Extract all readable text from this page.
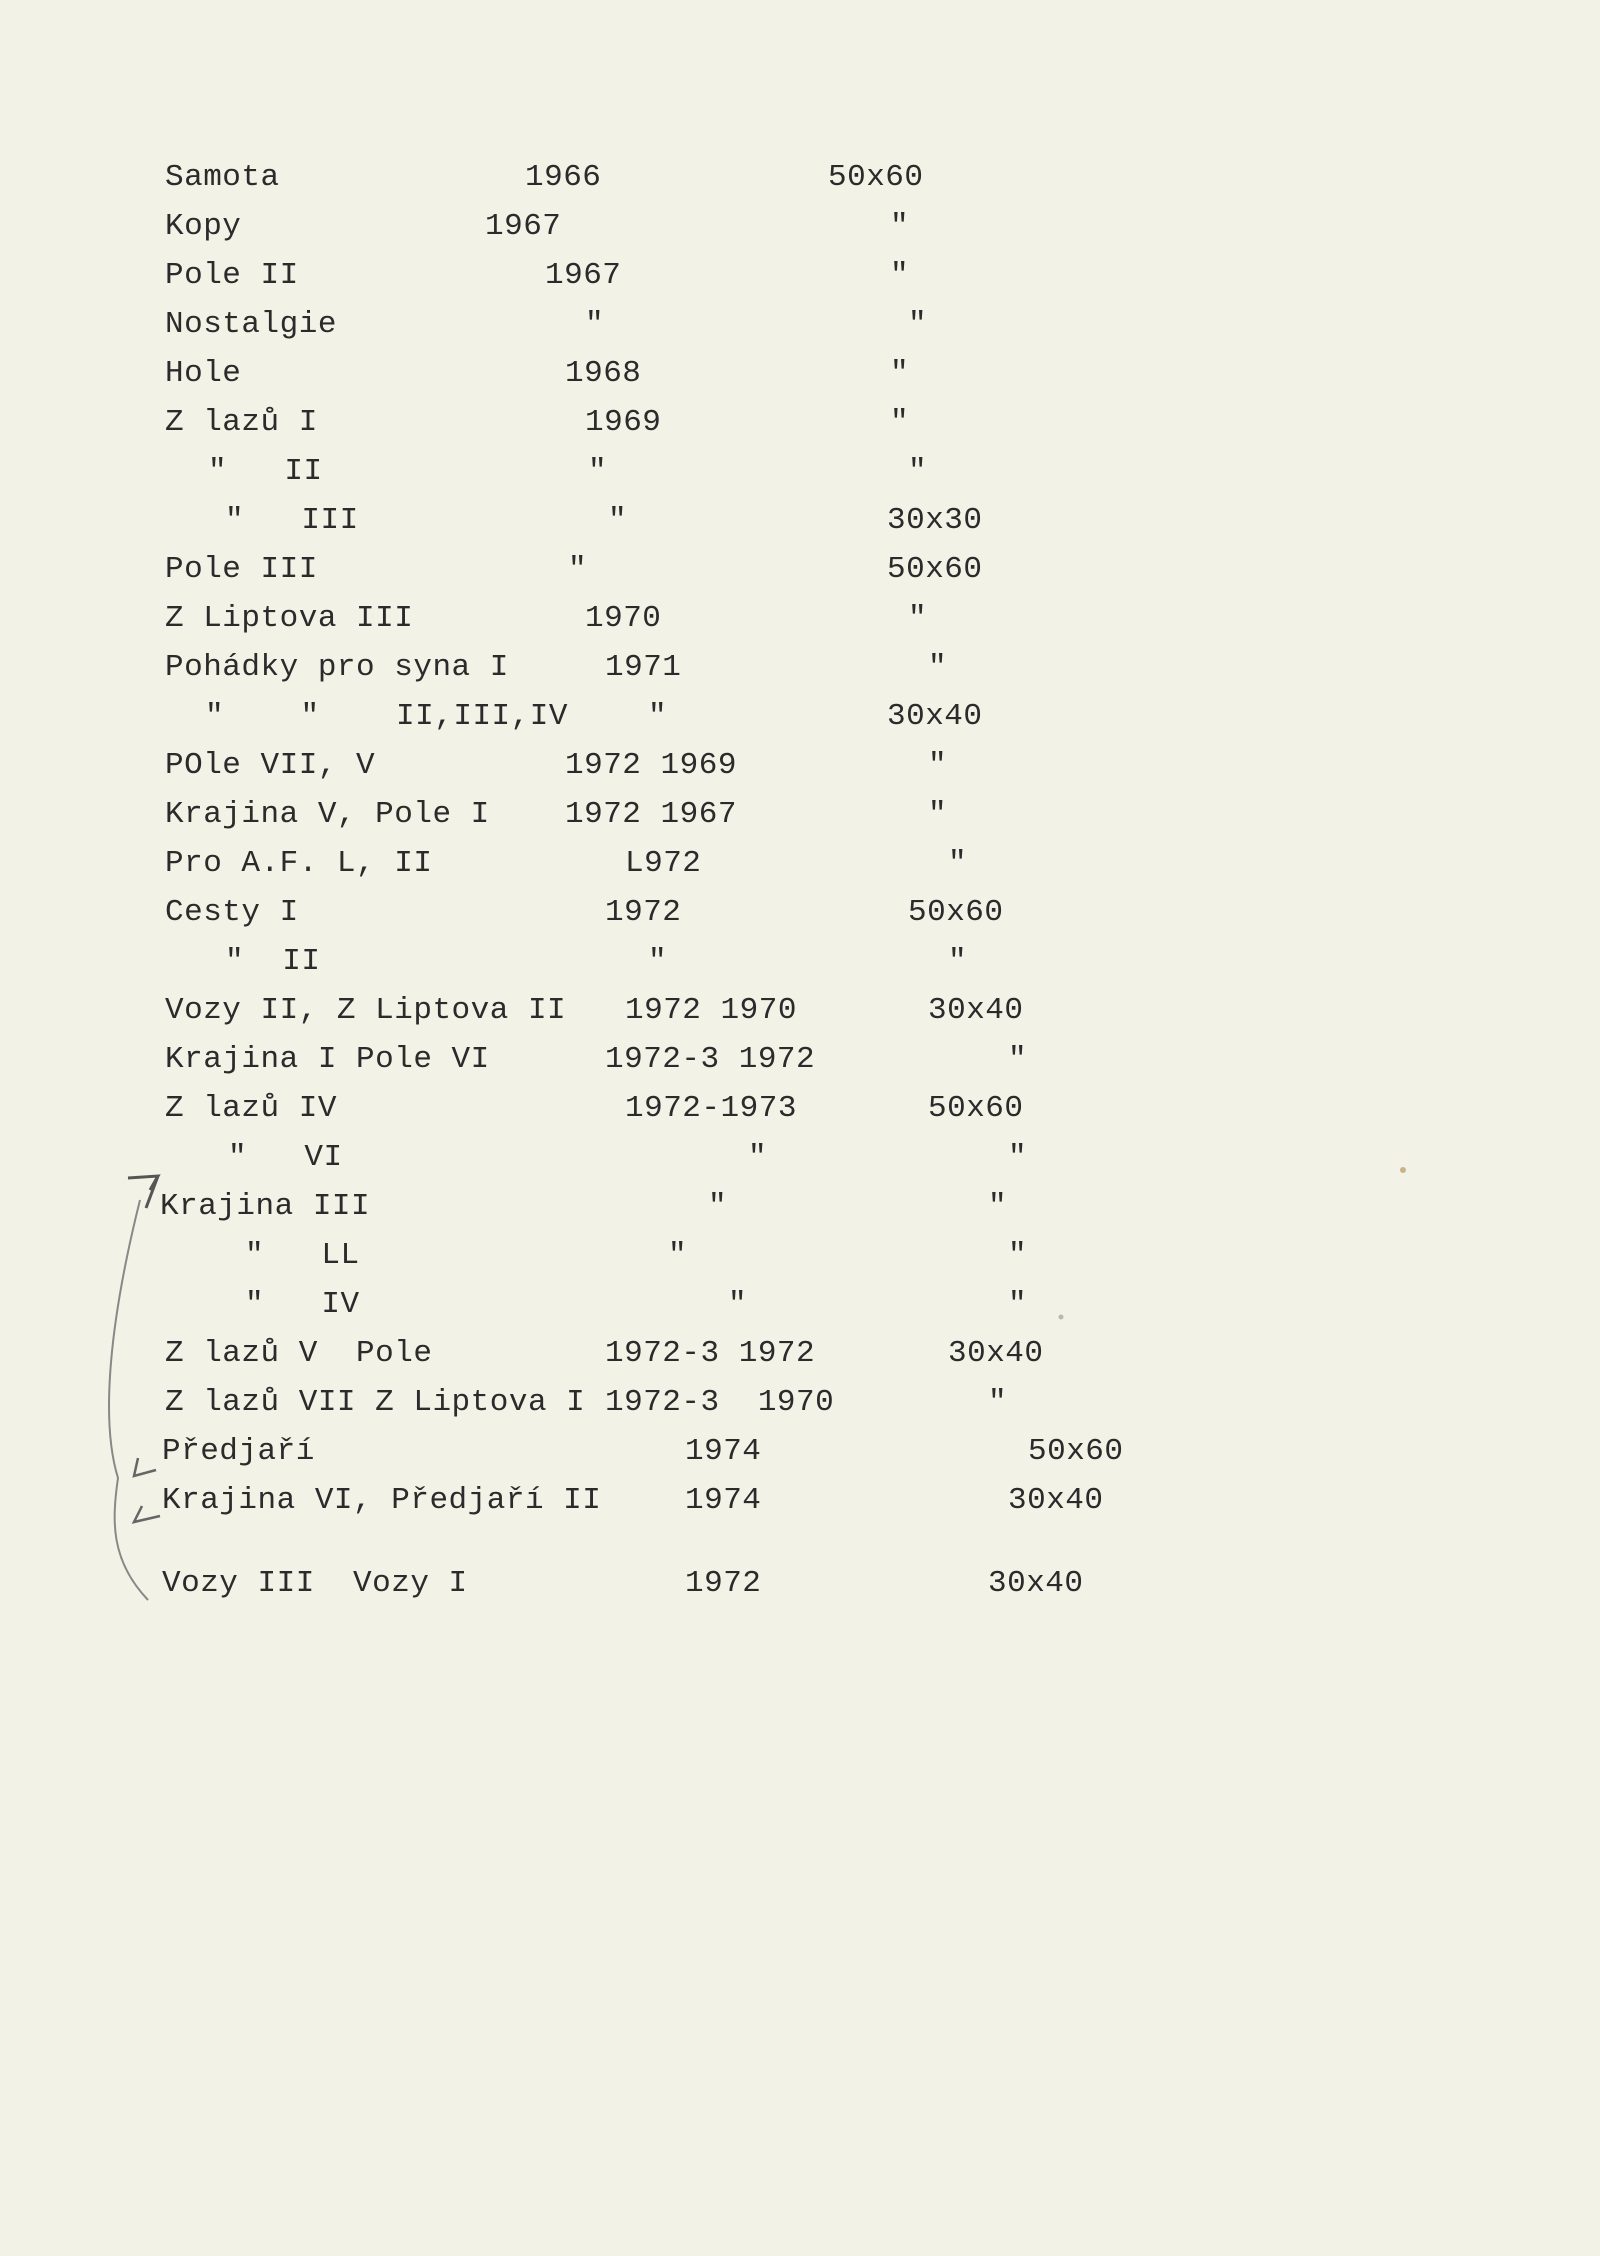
Samota	1966	50x60
Kopy	1967	"
Pole II	1967	"
Nostalgie	"	"
Hole	1968	"
Z lazů I	1969	"
"   II	"	"
"   III	"	30x30
Pole III	"	50x60
Z Liptova III	1970	"
Pohádky pro syna I	1971	"
"    "    II,III,IV	"	30x40
POle VII, V	1972 1969	"
Krajina V, Pole I 1972 1967	"
Pro A.F. L, II	L972	"
Cesty I	1972	50x60
"  II	"	"
Vozy II, Z Liptova II 1972 1970	30x40
Krajina I Pole VI	1972-3 1972	"
Z lazů IV	1972-1973	50x60
"   VI	"	"
Krajina III	"	"
"   LL	"	"
"   IV	"	"
Z lazů V  Pole	1972-3 1972	30x40
Z lazů VII Z Liptova I 1972-3  1970	"
Předjaří	1974	50x60
Krajina VI, Předjaří II	1974	30x40
Vozy III  Vozy I	1972	30x40
